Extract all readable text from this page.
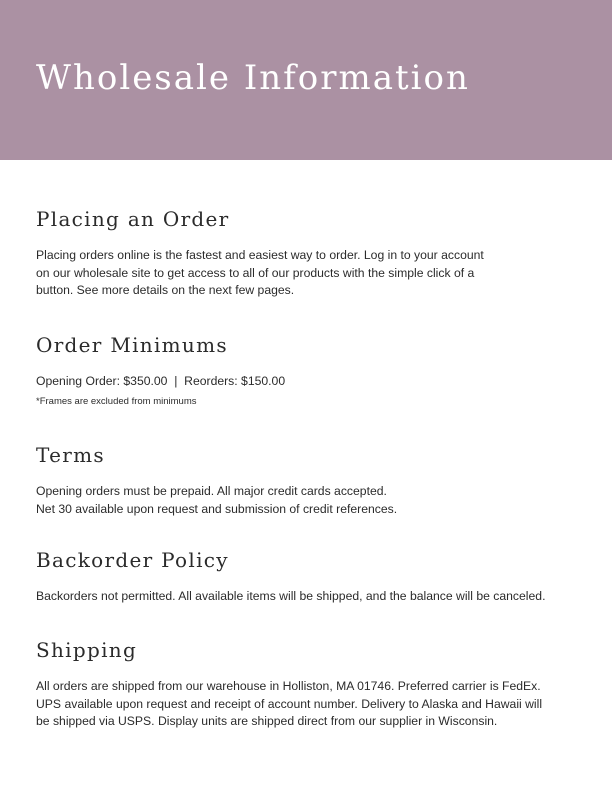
Wholesale Information
Placing an Order

Placing orders online is the fastest and easiest way to order. Log in to your account
on our wholesale site to get access to all of our products with the simple click of a
button. See more details on the next few pages.

Order Minimums

Opening Order: $350.00  |  Reorders: $150.00
*Frames are excluded from minimums

Terms

Opening orders must be prepaid. All major credit cards accepted.
Net 30 available upon request and submission of credit references.

Backorder Policy

Backorders not permitted. All available items will be shipped, and the balance will be canceled.

Shipping

All orders are shipped from our warehouse in Holliston, MA 01746. Preferred carrier is FedEx.
UPS available upon request and receipt of account number. Delivery to Alaska and Hawaii will
be shipped via USPS. Display units are shipped direct from our supplier in Wisconsin.
